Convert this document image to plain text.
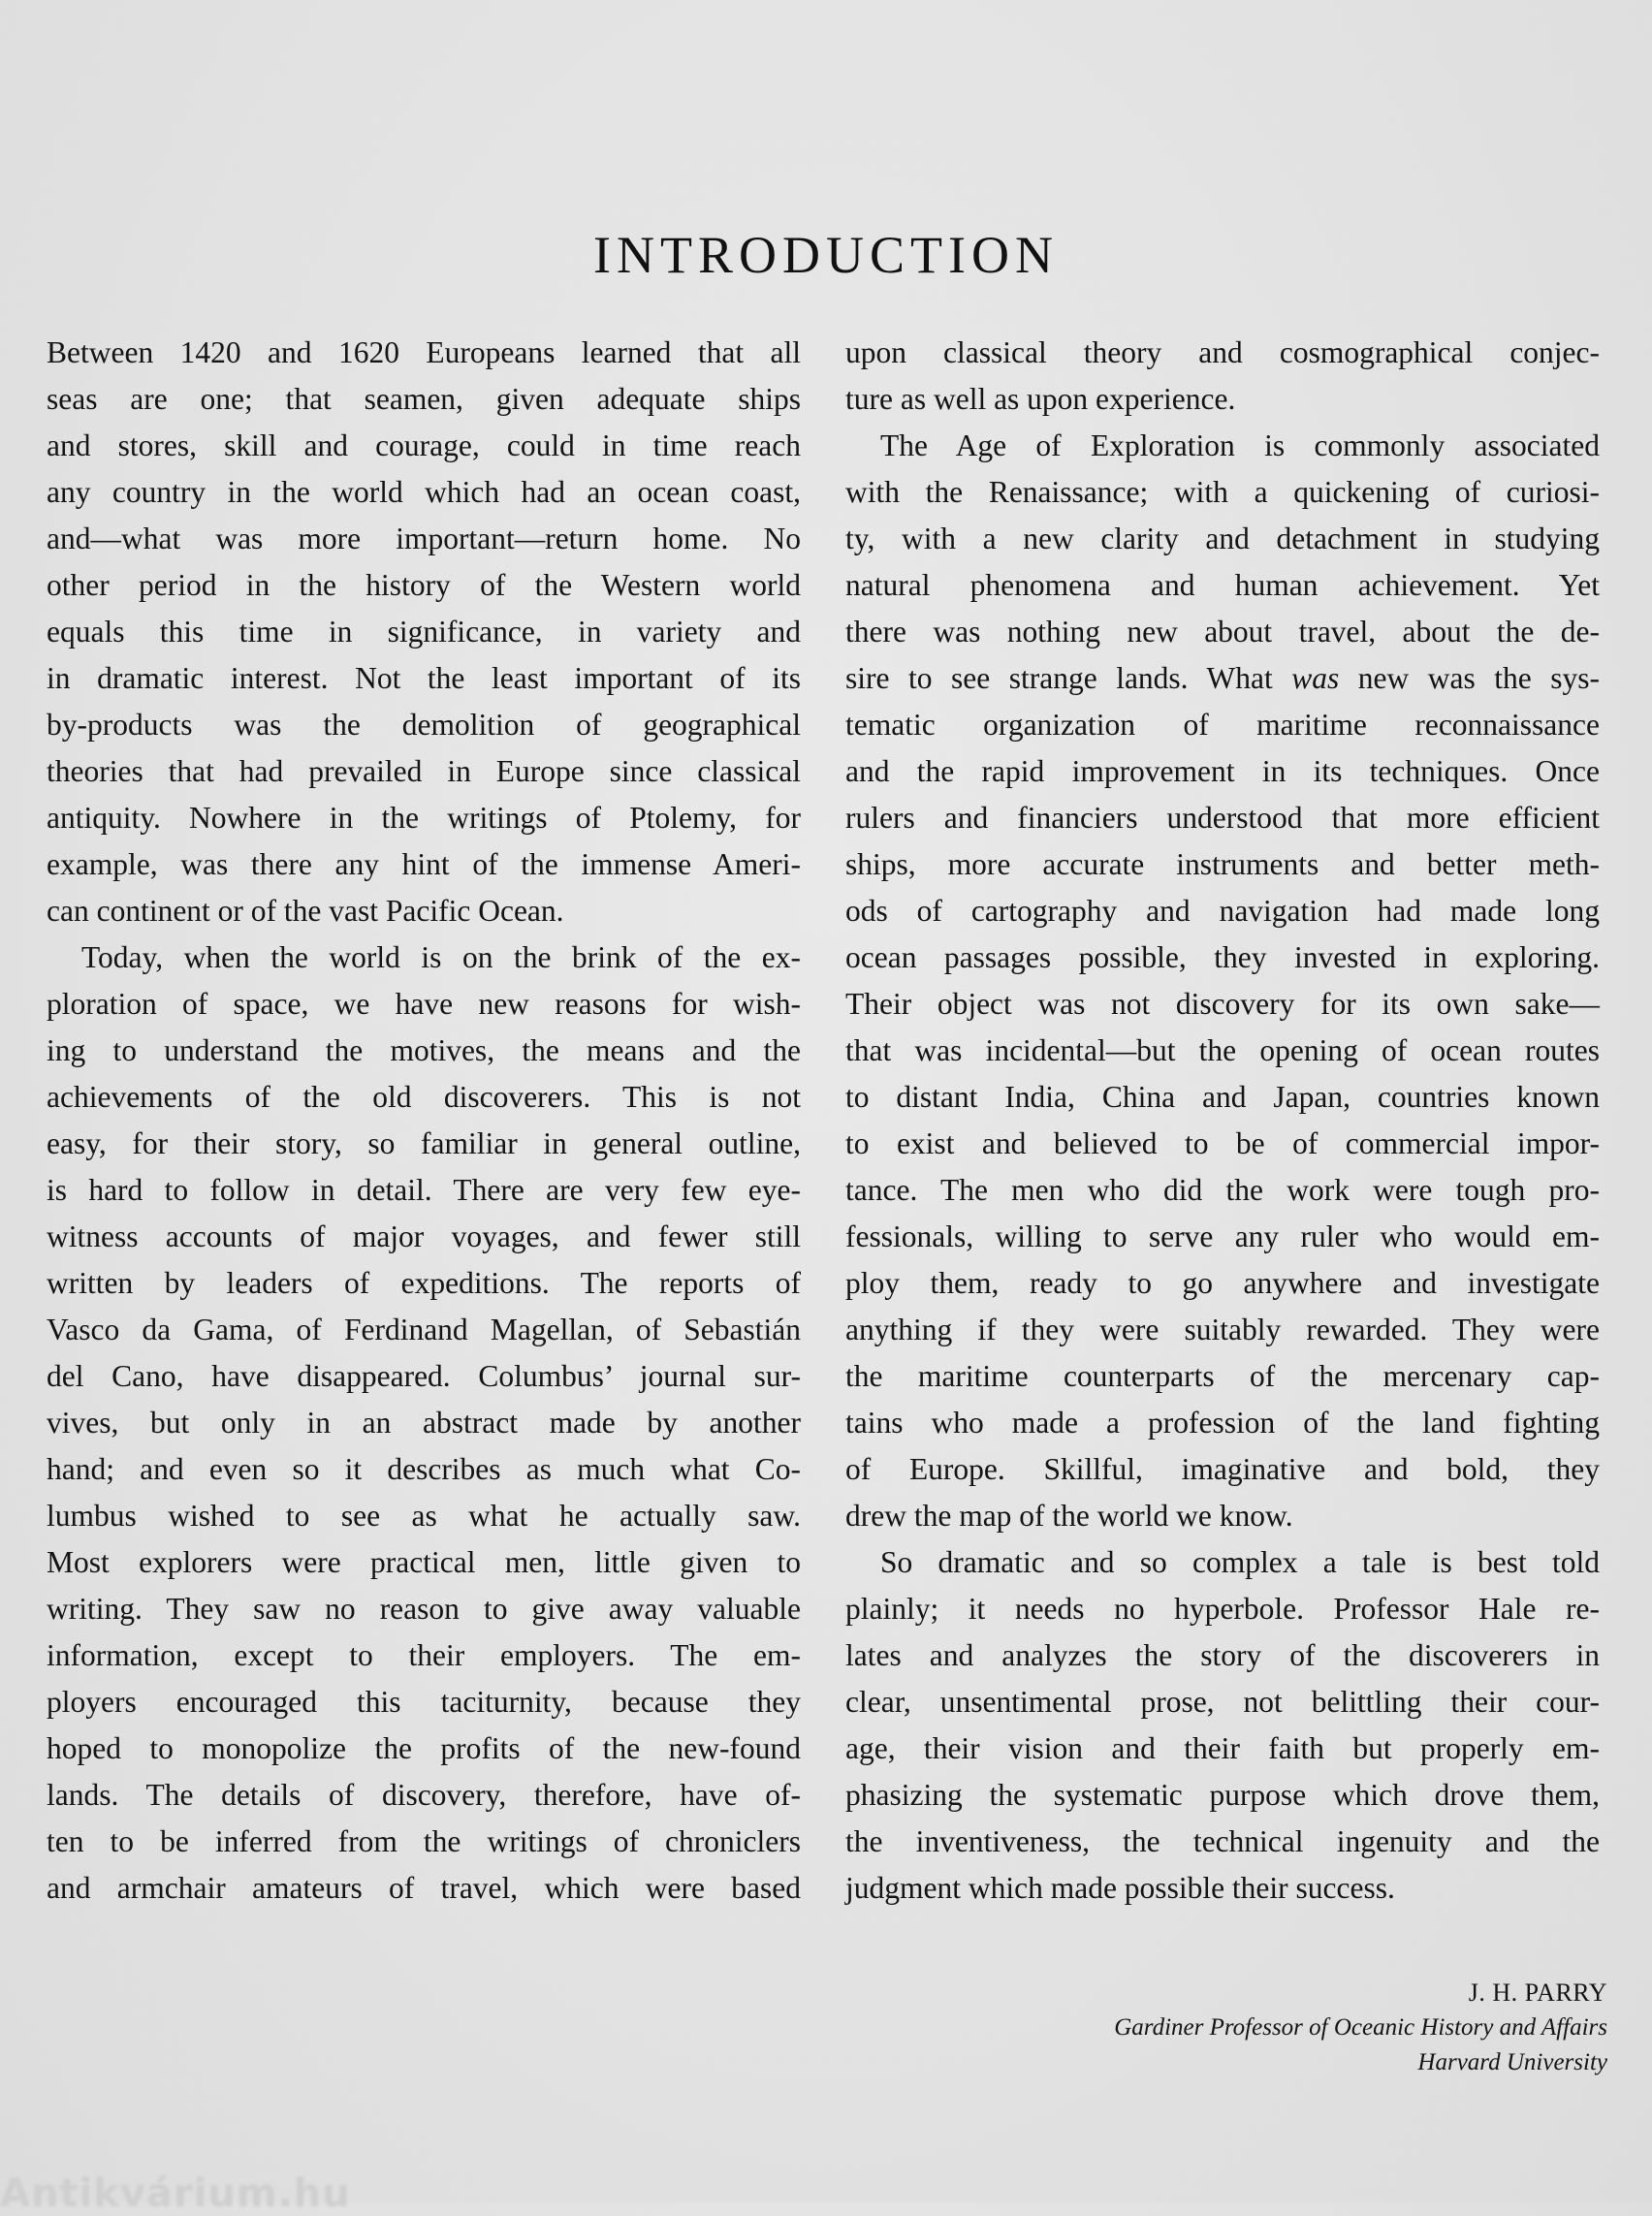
INTRODUCTION
Between 1420 and 1620 Europeans learned that all
seas are one; that seamen, given adequate ships
and stores, skill and courage, could in time reach
any country in the world which had an ocean coast,
and—what was more important—return home. No
other period in the history of the Western world
equals this time in significance, in variety and
in dramatic interest. Not the least important of its
by-products was the demolition of geographical
theories that had prevailed in Europe since classical
antiquity. Nowhere in the writings of Ptolemy, for
example, was there any hint of the immense Ameri-
can continent or of the vast Pacific Ocean.
Today, when the world is on the brink of the ex-
ploration of space, we have new reasons for wish-
ing to understand the motives, the means and the
achievements of the old discoverers. This is not
easy, for their story, so familiar in general outline,
is hard to follow in detail. There are very few eye-
witness accounts of major voyages, and fewer still
written by leaders of expeditions. The reports of
Vasco da Gama, of Ferdinand Magellan, of Sebastián
del Cano, have disappeared. Columbus’ journal sur-
vives, but only in an abstract made by another
hand; and even so it describes as much what Co-
lumbus wished to see as what he actually saw.
Most explorers were practical men, little given to
writing. They saw no reason to give away valuable
information, except to their employers. The em-
ployers encouraged this taciturnity, because they
hoped to monopolize the profits of the new-found
lands. The details of discovery, therefore, have of-
ten to be inferred from the writings of chroniclers
and armchair amateurs of travel, which were based
upon classical theory and cosmographical conjec-
ture as well as upon experience.
The Age of Exploration is commonly associated
with the Renaissance; with a quickening of curiosi-
ty, with a new clarity and detachment in studying
natural phenomena and human achievement. Yet
there was nothing new about travel, about the de-
sire to see strange lands. What was new was the sys-
tematic organization of maritime reconnaissance
and the rapid improvement in its techniques. Once
rulers and financiers understood that more efficient
ships, more accurate instruments and better meth-
ods of cartography and navigation had made long
ocean passages possible, they invested in exploring.
Their object was not discovery for its own sake—
that was incidental—but the opening of ocean routes
to distant India, China and Japan, countries known
to exist and believed to be of commercial impor-
tance. The men who did the work were tough pro-
fessionals, willing to serve any ruler who would em-
ploy them, ready to go anywhere and investigate
anything if they were suitably rewarded. They were
the maritime counterparts of the mercenary cap-
tains who made a profession of the land fighting
of Europe. Skillful, imaginative and bold, they
drew the map of the world we know.
So dramatic and so complex a tale is best told
plainly; it needs no hyperbole. Professor Hale re-
lates and analyzes the story of the discoverers in
clear, unsentimental prose, not belittling their cour-
age, their vision and their faith but properly em-
phasizing the systematic purpose which drove them,
the inventiveness, the technical ingenuity and the
judgment which made possible their success.
J. H. PARRY
Gardiner Professor of Oceanic History and Affairs
Harvard University
Antikvárium.hu
